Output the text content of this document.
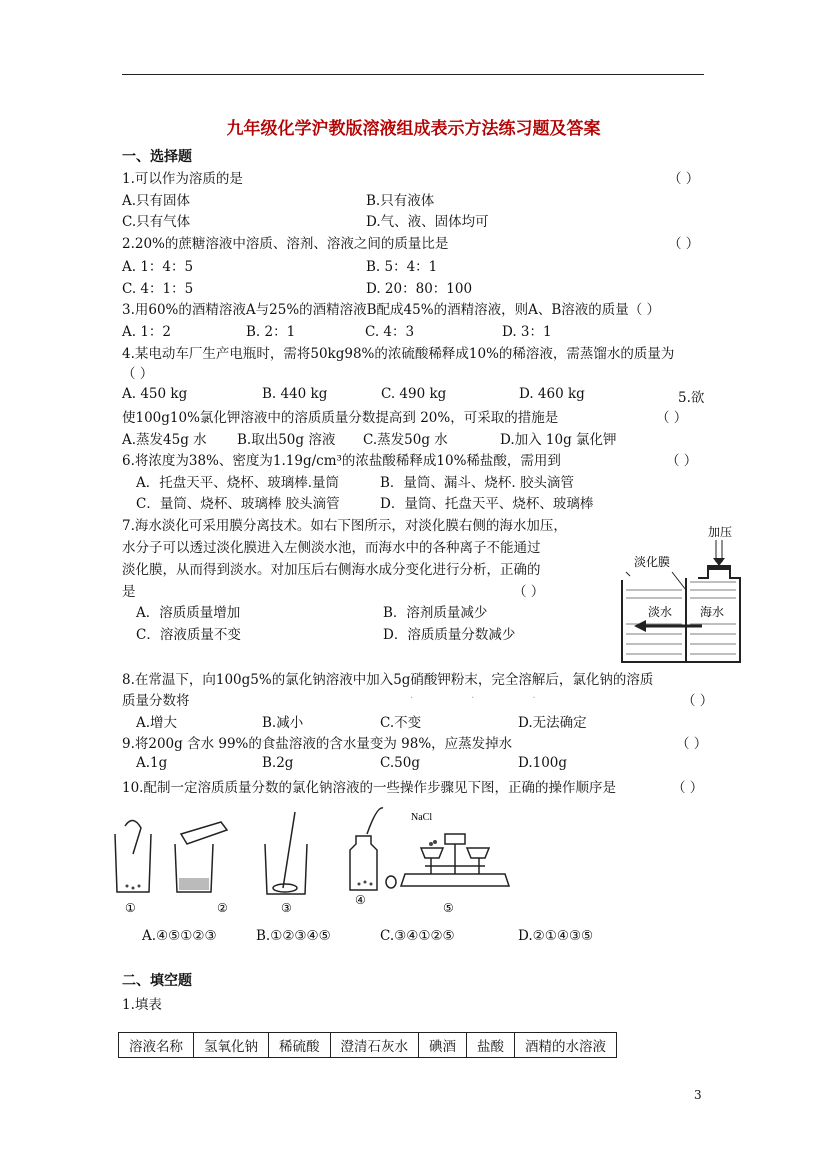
九年级化学沪教版溶液组成表示方法练习题及答案
一、选择题
1.可以作为溶质的是	（ ）
A.只有固体	B.只有液体
C.只有气体	D.气、液、固体均可
2.20%的蔗糖溶液中溶质、溶剂、溶液之间的质量比是	（ ）
A. 1：4：5	B. 5：4：1
C. 4：1：5	D. 20：80：100
3.用60%的酒精溶液A与25%的酒精溶液B配成45%的酒精溶液，则A、B溶液的质量（ ）
A. 1：2	B. 2：1	C. 4：3	D. 3：1
4.某电动车厂生产电瓶时，需将50kg98%的浓硫酸稀释成10%的稀溶液，需蒸馏水的质量为
（ ）
A. 450 kg	B. 440 kg	C. 490 kg	D. 460 kg	5.欲
使100g10%氯化钾溶液中的溶质质量分数提高到 20%，可采取的措施是	（ ）
A.蒸发45g 水 B.取出50g 溶液 C.蒸发50g 水	D.加入 10g 氯化钾
6.将浓度为38%、密度为1.19g/cm³的浓盐酸稀释成10%稀盐酸，需用到	（ ）
A．托盘天平、烧杯、玻璃棒.量筒	B．量筒、漏斗、烧杯. 胶头滴管
C．量筒、烧杯、玻璃棒 胶头滴管	D．量筒、托盘天平、烧杯、玻璃棒
7.海水淡化可采用膜分离技术。如右下图所示，对淡化膜右侧的海水加压，
水分子可以透过淡化膜进入左侧淡水池，而海水中的各种离子不能通过
淡化膜，从而得到淡水。对加压后右侧海水成分变化进行分析，正确的
是	（ ）
A．溶质质量增加	B．溶剂质量减少
C．溶液质量不变	D．溶质质量分数减少
加压
淡化膜
淡水 海水
8.在常温下，向100g5%的氯化钠溶液中加入5g硝酸钾粉末，完全溶解后，氯化钠的溶质
质量分数将	（ ）
···
A.增大	B.减小	C.不变	D.无法确定
9.将200g 含水 99%的食盐溶液的含水量变为 98%，应蒸发掉水	（ ）
A.1g	B.2g	C.50g	D.100g
10.配制一定溶质质量分数的氯化钠溶液的一些操作步骤见下图，正确的操作顺序是	（ ）
NaCl
①	②	③
④
⑤
A.④⑤①②③	B.①②③④⑤	C.③④①②⑤	D.②①④③⑤
二、填空题
1.填表
溶液名称	氢氧化钠	稀硫酸	澄清石灰水	碘酒	盐酸	酒精的水溶液
3
